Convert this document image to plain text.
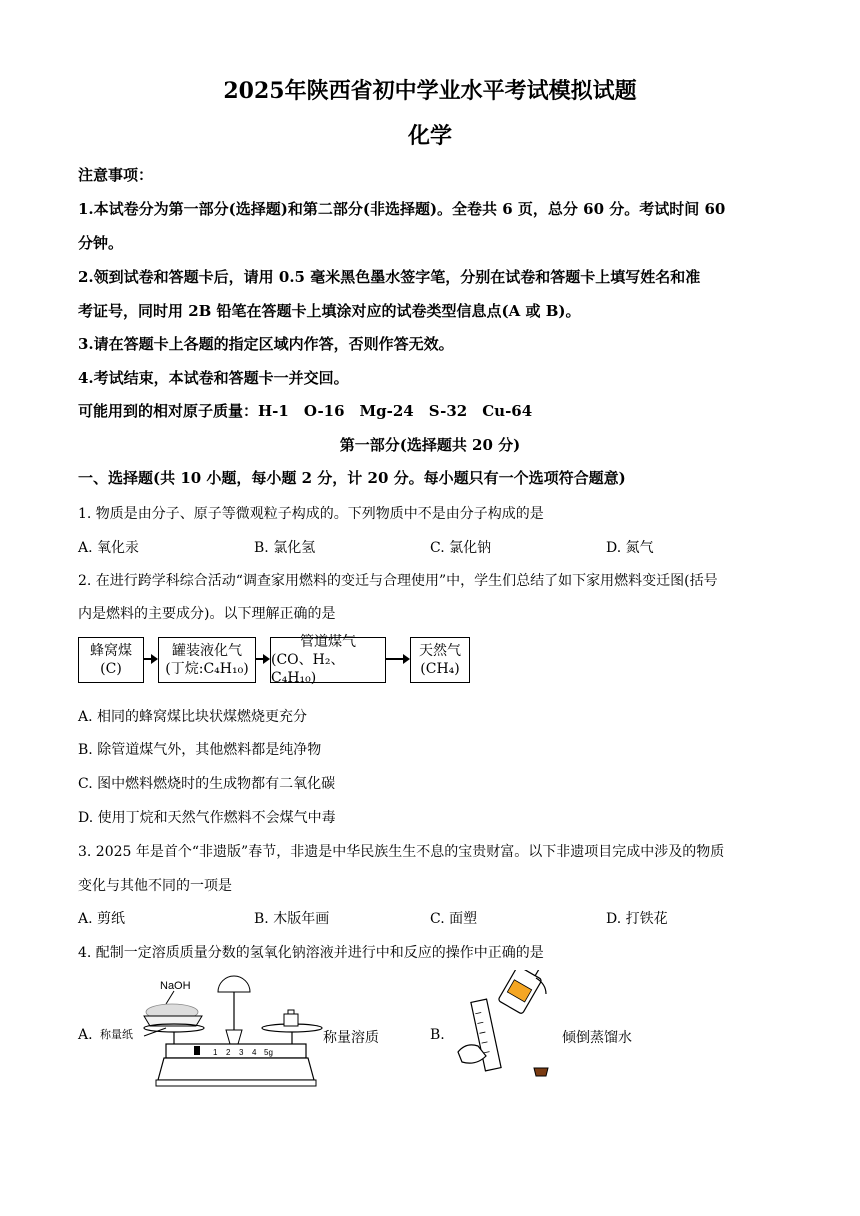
2025年陕西省初中学业水平考试模拟试题
化学
注意事项：
1.本试卷分为第一部分(选择题)和第二部分(非选择题)。全卷共 6 页，总分 60 分。考试时间 60
分钟。
2.领到试卷和答题卡后，请用 0.5 毫米黑色墨水签字笔，分别在试卷和答题卡上填写姓名和准
考证号，同时用 2B 铅笔在答题卡上填涂对应的试卷类型信息点(A 或 B)。
3.请在答题卡上各题的指定区域内作答，否则作答无效。
4.考试结束，本试卷和答题卡一并交回。
可能用到的相对原子质量：H-1　O-16　Mg-24　S-32　Cu-64
第一部分(选择题共 20 分)
一、选择题(共 10 小题，每小题 2 分，计 20 分。每小题只有一个选项符合题意)
1. 物质是由分子、原子等微观粒子构成的。下列物质中不是由分子构成的是
A. 氧化汞	B. 氯化氢	C. 氯化钠	D. 氮气
2. 在进行跨学科综合活动“调查家用燃料的变迁与合理使用”中，学生们总结了如下家用燃料变迁图(括号
内是燃料的主要成分)。以下理解正确的是
蜂窝煤
(C)
罐装液化气
(丁烷:C₄H₁₀)
管道煤气
(CO、H₂、C₄H₁₀)
天然气
(CH₄)
A. 相同的蜂窝煤比块状煤燃烧更充分
B. 除管道煤气外，其他燃料都是纯净物
C. 图中燃料燃烧时的生成物都有二氧化碳
D. 使用丁烷和天然气作燃料不会煤气中毒
3. 2025 年是首个“非遗版”春节，非遗是中华民族生生不息的宝贵财富。以下非遗项目完成中涉及的物质
变化与其他不同的一项是
A. 剪纸	B. 木版年画	C. 面塑	D. 打铁花
4. 配制一定溶质质量分数的氢氧化钠溶液并进行中和反应的操作中正确的是
A.
NaOH
称量纸
0 1 2 3 4 5g
称量溶质	B.	倾倒蒸馏水
